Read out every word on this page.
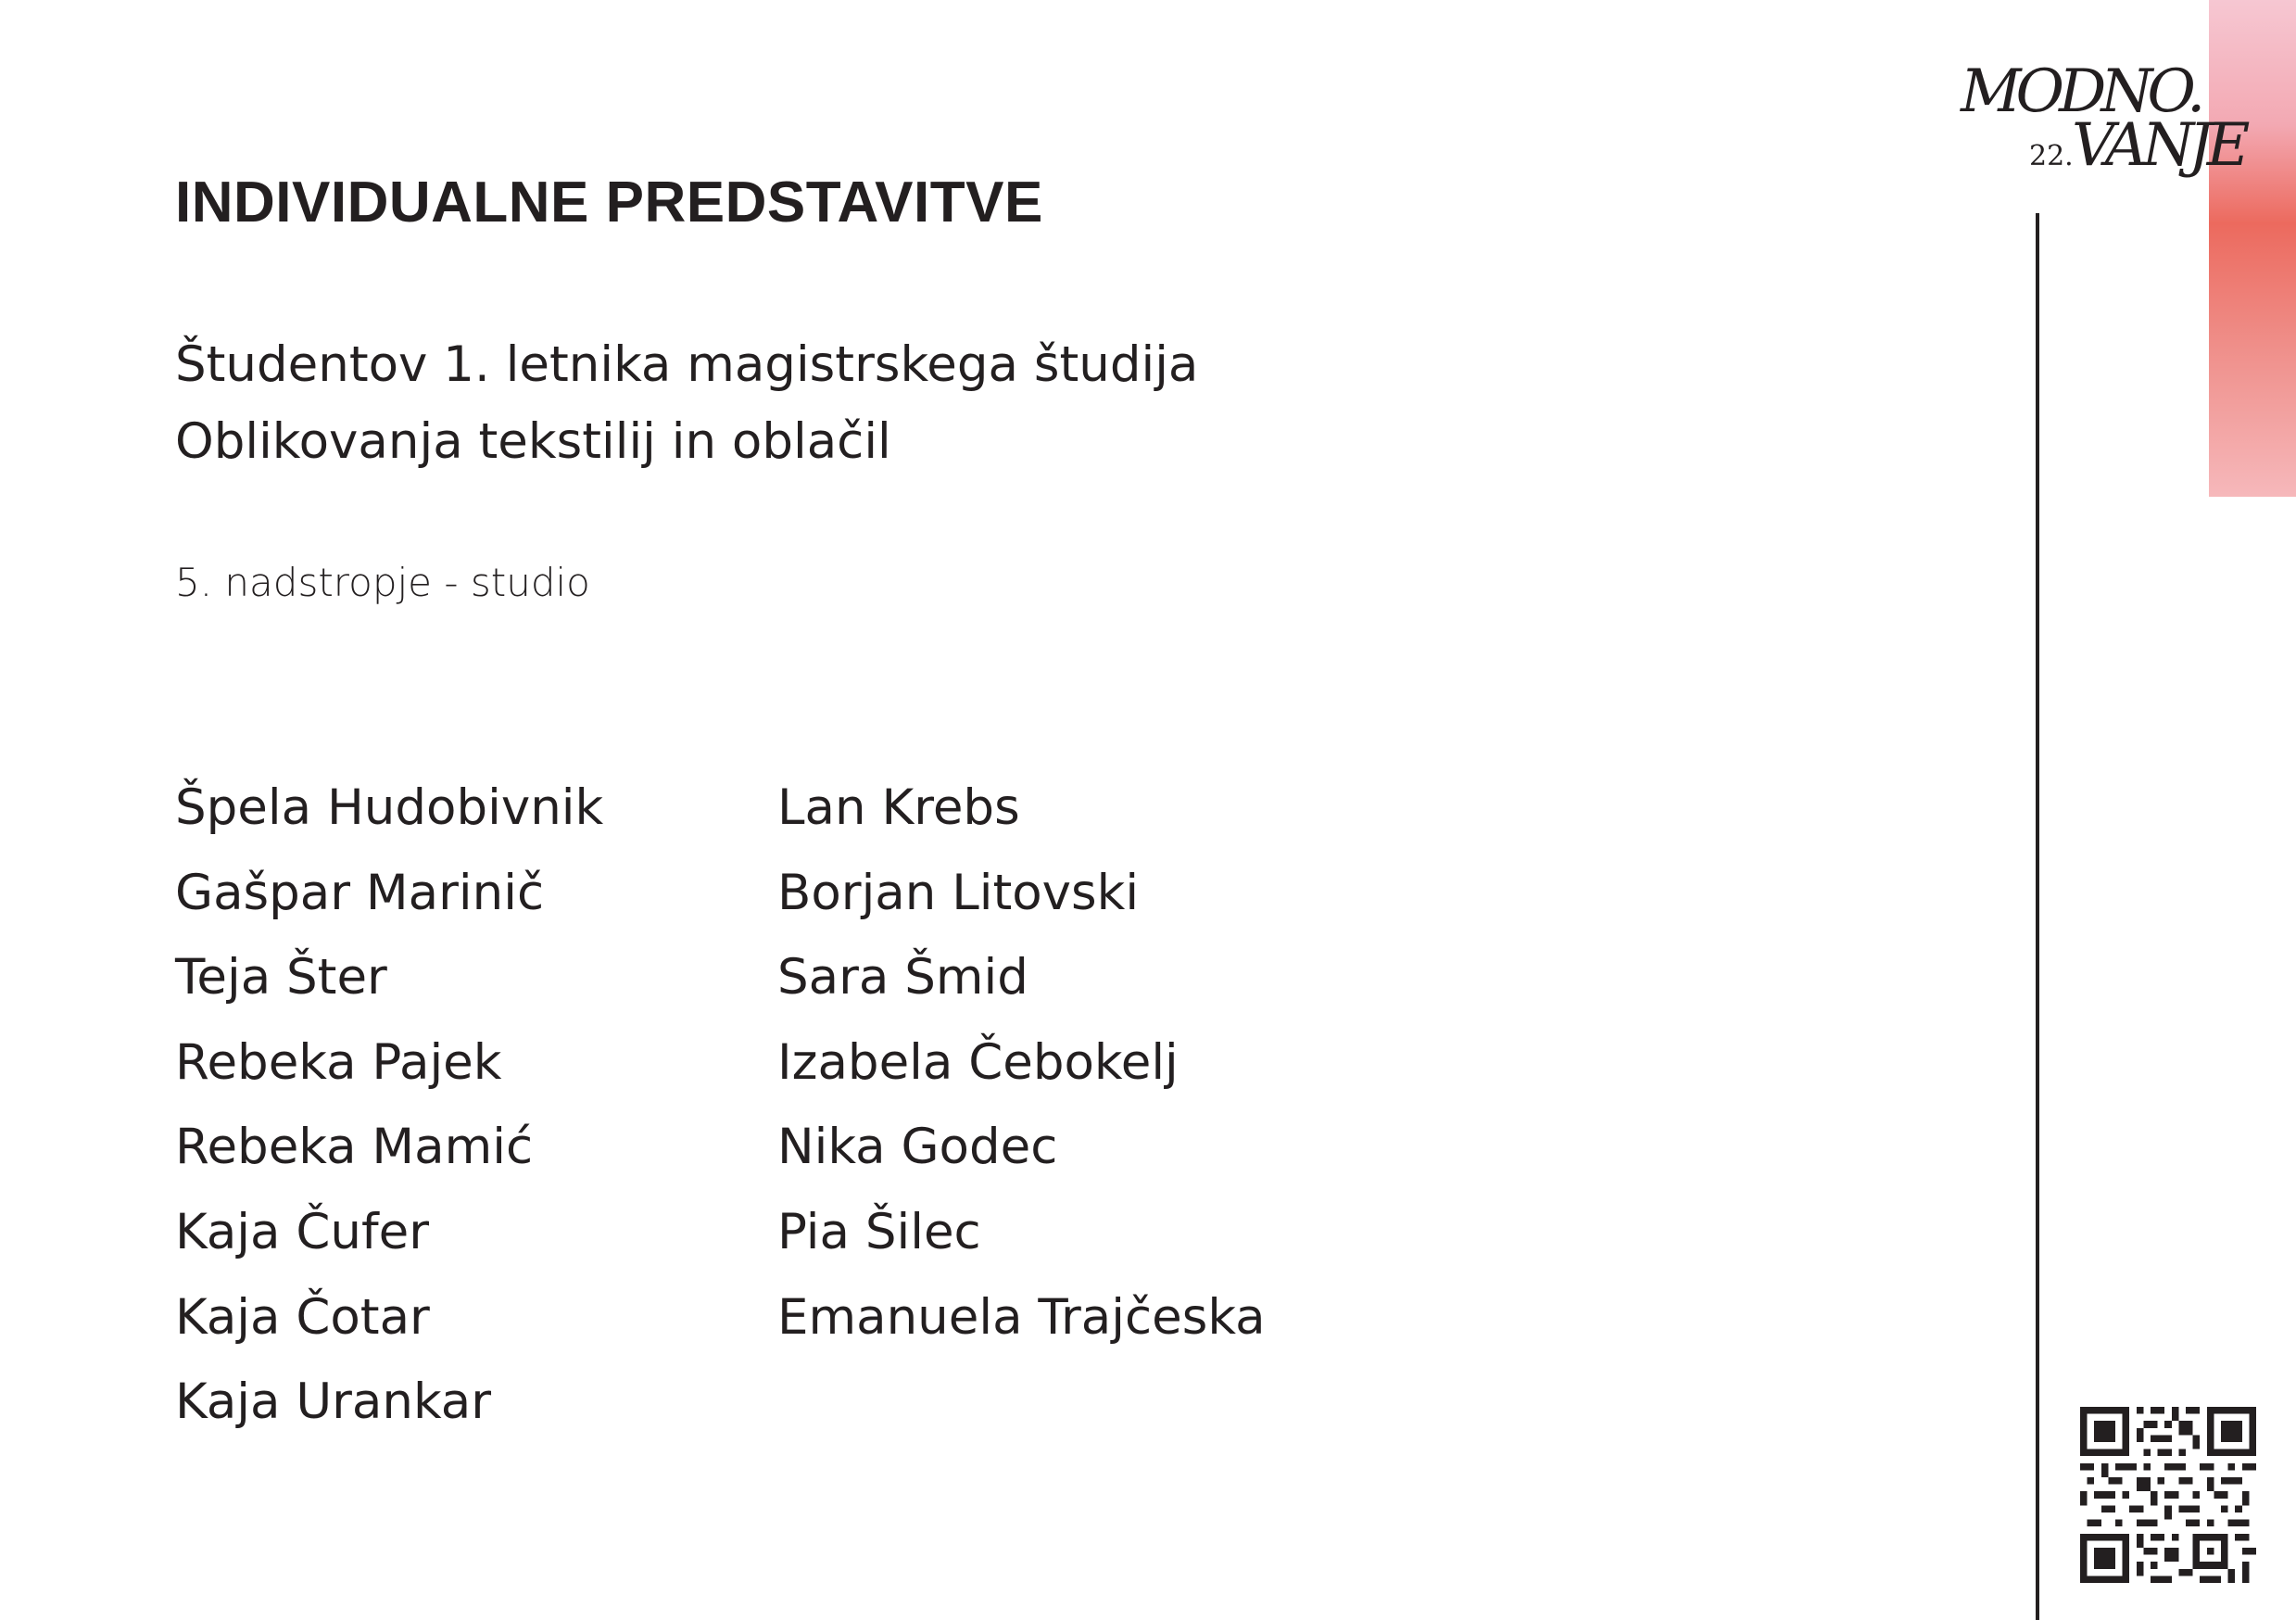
MODNO.
22.
VANJE
INDIVIDUALNE PREDSTAVITVE
Študentov 1. letnika magistrskega študija
Oblikovanja tekstilij in oblačil
5. nadstropje - studio
Špela Hudobivnik
Gašpar Marinič
Teja Šter
Rebeka Pajek
Rebeka Mamić
Kaja Čufer
Kaja Čotar
Kaja Urankar
Lan Krebs
Borjan Litovski
Sara Šmid
Izabela Čebokelj
Nika Godec
Pia Šilec
Emanuela Trajčeska
